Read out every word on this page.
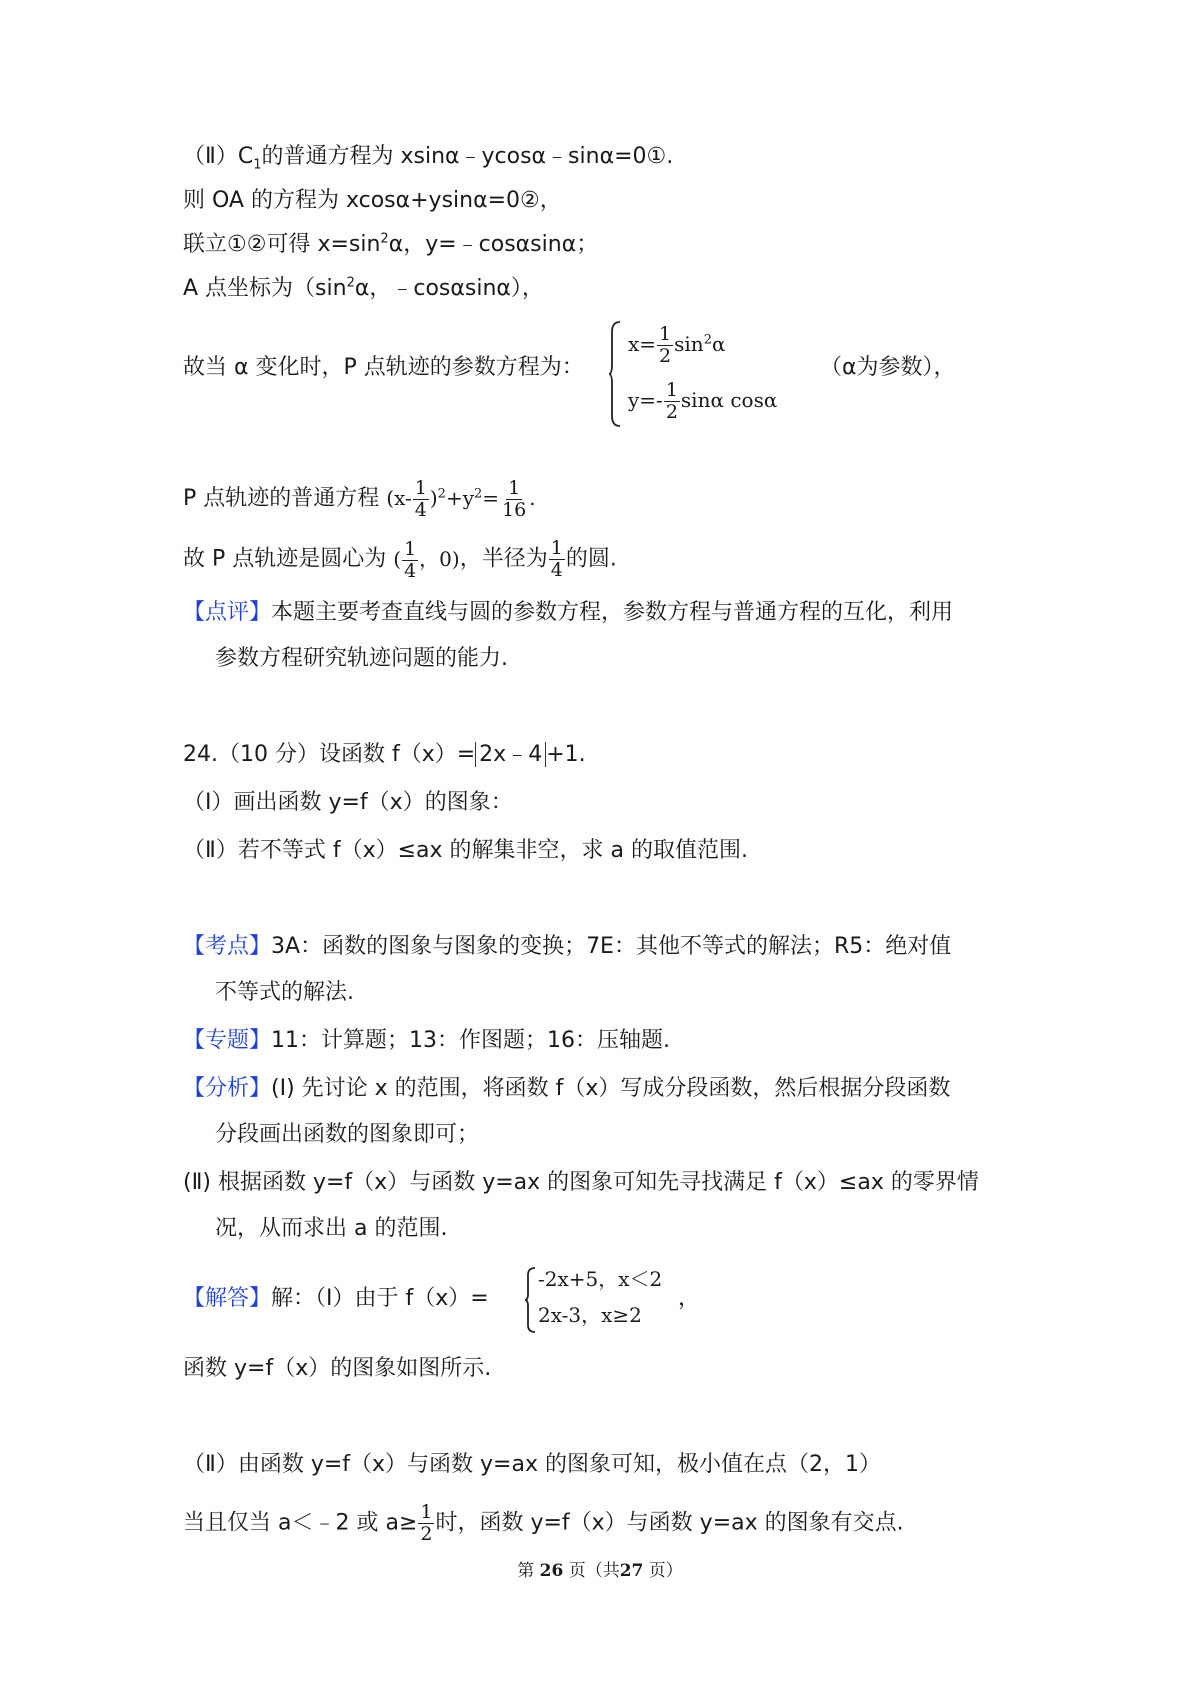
$(Ⅱ)C_1$的普通方程为 xsinα﹣ycosα﹣sinα=0①.
则 OA 的方程为 xcosα+ysinα=0②，
联立①②可得 $x=\sin^2\alpha$，y=﹣cosαsinα；
A 点坐标为（$\sin^2\alpha$，﹣cosαsinα），
故当 α 变化时，P 点轨迹的参数方程为：
$x= \frac{1}{2} \sin^2\alpha$
$y=- \frac{1}{2}$ sinα cosα
（α为参数），
P 点轨迹的普通方程 $(x- \frac{1}{4} )^2+y^2= \frac{1}{16}$ .
故 P 点轨迹是圆心为 ( $\frac{1}{4}$ ，0)，半径为 $\frac{1}{4}$ 的圆.
【点评】本题主要考查直线与圆的参数方程，参数方程与普通方程的互化，利用
参数方程研究轨迹问题的能力.
24.（10 分）设函数 f（x）= 2x﹣4 +1.
（Ⅰ）画出函数 y=f（x）的图象：
（Ⅱ）若不等式 f（x）≤ax 的解集非空，求 a 的取值范围.
【考点】3A：函数的图象与图象的变换；7E：其他不等式的解法；R5：绝对值
不等式的解法.
【专题】11：计算题；13：作图题；16：压轴题.
【分析】(Ⅰ) 先讨论 x 的范围，将函数 f（x）写成分段函数，然后根据分段函数
分段画出函数的图象即可；
(Ⅱ) 根据函数 y=f（x）与函数 y=ax 的图象可知先寻找满足 f（x）≤ax 的零界情
况，从而求出 a 的范围.
【解答】解：（Ⅰ）由于 f（x）=
-2x+5，x＜2
2x-3，x≥2
，
函数 y=f（x）的图象如图所示.
（Ⅱ）由函数 y=f（x）与函数 y=ax 的图象可知，极小值在点（2，1）
当且仅当 a＜﹣2 或 $a\ge \frac{1}{2}$ 时，函数 y=f（x）与函数 y=ax 的图象有交点.
第 26 页（共27 页）
